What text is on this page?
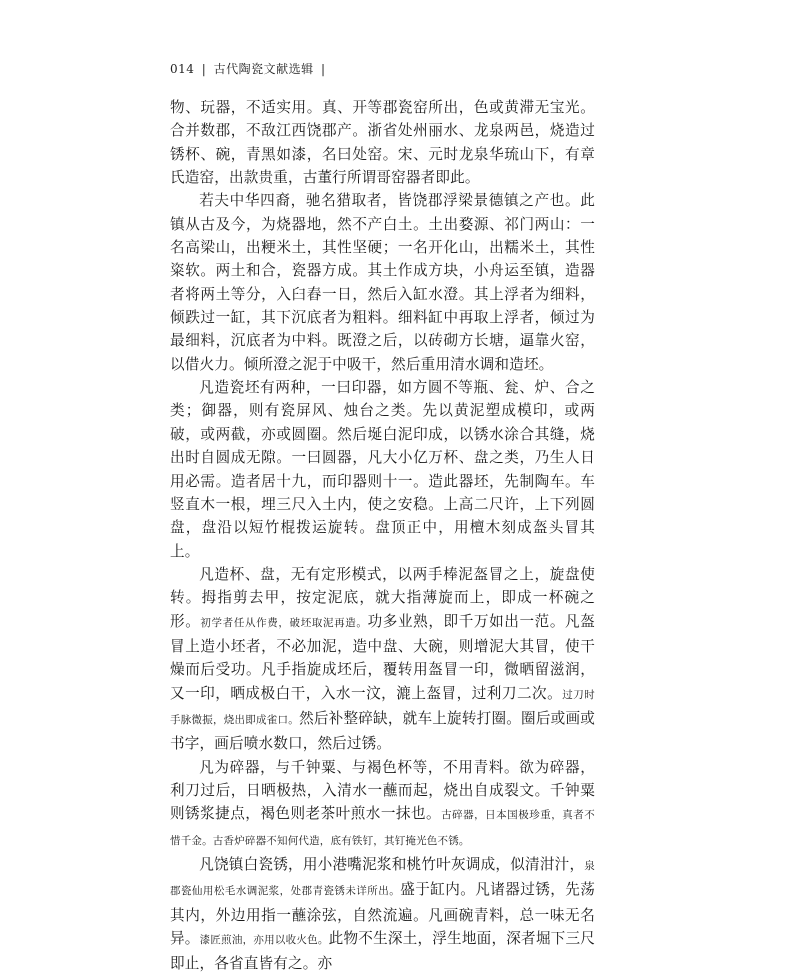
014 | 古代陶瓷文献选辑 |

物、玩器，不适实用。真、开等郡瓷窑所出，色或黄滞无宝光。合并数郡，不敌江西饶郡产。浙省处州丽水、龙泉两邑，烧造过锈杯、碗，青黑如漆，名曰处窑。宋、元时龙泉华琉山下，有章氏造窑，出款贵重，古董行所谓哥窑器者即此。

若夫中华四裔，驰名猎取者，皆饶郡浮梁景德镇之产也。此镇从古及今，为烧器地，然不产白土。土出婺源、祁门两山：一名高梁山，出粳米土，其性坚硬；一名开化山，出糯米土，其性粢软。两土和合，瓷器方成。其土作成方块，小舟运至镇，造器者将两土等分，入臼舂一日，然后入缸水澄。其上浮者为细料，倾跌过一缸，其下沉底者为粗料。细料缸中再取上浮者，倾过为最细料，沉底者为中料。既澄之后，以砖砌方长塘，逼靠火窑，以借火力。倾所澄之泥于中吸干，然后重用清水调和造坯。

凡造瓷坯有两种，一曰印器，如方圆不等瓶、瓮、炉、合之类；御器，则有瓷屏风、烛台之类。先以黄泥塑成模印，或两破，或两截，亦或圆圈。然后埏白泥印成，以锈水涂合其缝，烧出时自圆成无隙。一曰圆器，凡大小亿万杯、盘之类，乃生人日用必需。造者居十九，而印器则十一。造此器坯，先制陶车。车竖直木一根，埋三尺入土内，使之安稳。上高二尺许，上下列圆盘，盘沿以短竹棍拨运旋转。盘顶正中，用檀木刻成盔头冒其上。

凡造杯、盘，无有定形模式，以两手棒泥盔冒之上，旋盘使转。拇指剪去甲，按定泥底，就大指薄旋而上，即成一杯碗之形。初学者任从作费，破坯取泥再造。功多业熟，即千万如出一范。凡盔冒上造小坯者，不必加泥，造中盘、大碗，则增泥大其冒，使干燥而后受功。凡手指旋成坯后，覆转用盔冒一印，微晒留滋润，又一印，晒成极白干，入水一汶，漉上盔冒，过利刀二次。过刀时手脉微振，烧出即成雀口。然后补整碎缺，就车上旋转打圈。圈后或画或书字，画后喷水数口，然后过锈。

凡为碎器，与千钟粟、与褐色杯等，不用青料。欲为碎器，利刀过后，日晒极热，入清水一蘸而起，烧出自成裂文。千钟粟则锈浆捷点，褐色则老茶叶煎水一抹也。古碎器，日本国极珍重，真者不惜千金。古香炉碎器不知何代造，底有铁钉，其钉掩光色不锈。

凡饶镇白瓷锈，用小港嘴泥浆和桃竹叶灰调成，似清泔汁，泉郡瓷仙用松毛水调泥浆，处郡青瓷锈未详所出。盛于缸内。凡诸器过锈，先荡其内，外边用指一蘸涂弦，自然流遍。凡画碗青料，总一味无名异。漆匠煎油，亦用以收火色。此物不生深土，浮生地面，深者堀下三尺即止，各省直皆有之。亦
